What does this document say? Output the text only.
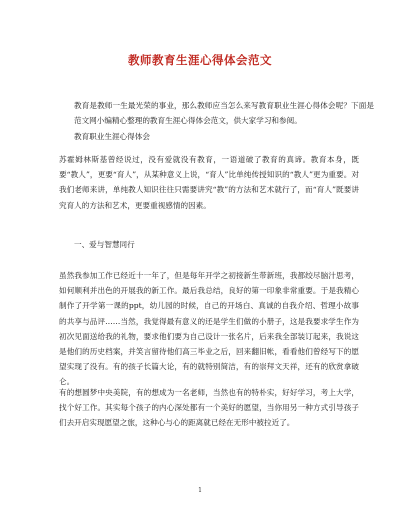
教师教育生涯心得体会范文

教育是教师一生最光荣的事业，那么教师应当怎么来写教育职业生涯心得体会呢？下面是范文网小编精心整理的教育生涯心得体会范文，供大家学习和参阅。

教育职业生涯心得体会

苏霍姆林斯基曾经说过，没有爱就没有教育，一语道破了教育的真谛。教育本身，既要“教人”，更要“育人”，从某种意义上说，“育人”比单纯传授知识的“教人”更为重要。对我们老师来讲，单纯教人知识往往只需要讲究“教”的方法和艺术就行了，而“育人”既要讲究育人的方法和艺术，更要重视感情的因素。

一、爱与智慧同行

虽然我参加工作已经近十一年了，但是每年开学之初接新生带新班，我都绞尽脑汁思考，如何顺利并出色的开展我的新工作。最后我总结，良好的第一印象非常重要。于是我精心制作了开学第一课的ppt，幼儿园的时候，自己的开场白、真诚的自我介绍、哲理小故事的共享与品评……当然，我觉得最有意义的还是学生们做的小册子，这是我要求学生作为初次见面送给我的礼物，要求他们要为自己设计一张名片，后来我全部装订起来，我说这是他们的历史档案，并笑言留待他们高三毕业之后，回来翻旧帐，看看他们曾经写下的愿望实现了没有。有的孩子长篇大论，有的就特别简洁，有的崇拜文天祥，还有的欣赏拿破仑。

有的想圆梦中央美院，有的想成为一名老师，当然也有的特朴实，好好学习，考上大学，找个好工作。其实每个孩子的内心深处都有一个美好的愿望，当你用另一种方式引导孩子们去开启实现愿望之旅，这种心与心的距离就已经在无形中被拉近了。

1
